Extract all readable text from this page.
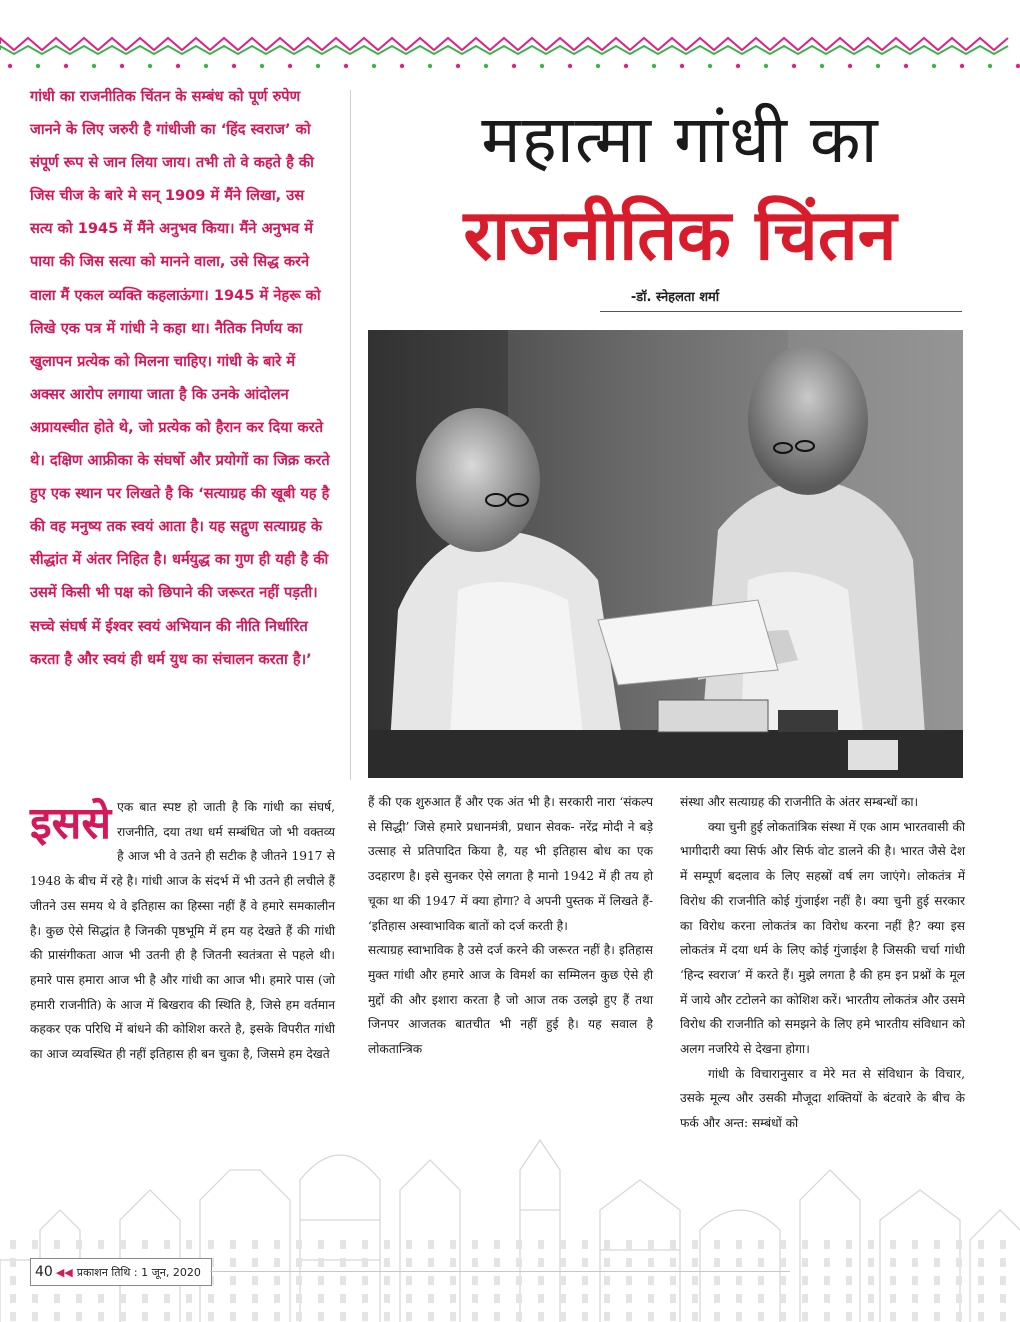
गांधी का राजनीतिक चिंतन के सम्बंध को पूर्ण रुपेण जानने के लिए जरुरी है गांधीजी का ‘हिंद स्वराज’ को संपूर्ण रूप से जान लिया जाय। तभी तो वे कहते है की जिस चीज के बारे मे सन् 1909 में मैंने लिखा, उस सत्य को 1945 में मैंने अनुभव किया। मैंने अनुभव में पाया की जिस सत्या को मानने वाला, उसे सिद्ध करने वाला मैं एकल व्यक्ति कहलाऊंगा। 1945 में नेहरू को लिखे एक पत्र में गांधी ने कहा था। नैतिक निर्णय का खुलापन प्रत्येक को मिलना चाहिए। गांधी के बारे में अक्सर आरोप लगाया जाता है कि उनके आंदोलन अप्रायस्चीत होते थे, जो प्रत्येक को हैरान कर दिया करते थे। दक्षिण आफ्रीका के संघर्षो और प्रयोगों का जिक्र करते हुए एक स्थान पर लिखते है कि ‘सत्याग्रह की खूबी यह है की वह मनुष्य तक स्वयं आता है। यह सद्गुण सत्याग्रह के सीद्धांत में अंतर निहित है। धर्मयुद्ध का गुण ही यही है की उसमें किसी भी पक्ष को छिपाने की जरूरत नहीं पड़ती। सच्चे संघर्ष में ईश्वर स्वयं अभियान की नीति निर्धारित करता है और स्वयं ही धर्म युध का संचालन करता है।’

महात्मा गांधी का
राजनीतिक चिंतन
-डॉ. स्नेहलता शर्मा
इससे एक बात स्पष्ट हो जाती है कि गांधी का संघर्ष, राजनीति, दया तथा धर्म सम्बंधित जो भी वक्तव्य है आज भी वे उतने ही सटीक है जीतने 1917 से 1948 के बीच में रहे है। गांधी आज के संदर्भ में भी उतने ही लचीले हैं जीतने उस समय थे वे इतिहास का हिस्सा नहीं हैं वे हमारे समकालीन है। कुछ ऐसे सिद्धांत है जिनकी पृष्ठभूमि में हम यह देखते हैं की गांधी की प्रासंगीकता आज भी उतनी ही है जितनी स्वतंत्रता से पहले थी। हमारे पास हमारा आज भी है और गांधी का आज भी। हमारे पास (जो हमारी राजनीति) के आज में बिखराव की स्थिति है, जिसे हम वर्तमान कहकर एक परिधि में बांधने की कोशिश करते है, इसके विपरीत गांधी का आज व्यवस्थित ही नहीं इतिहास ही बन चुका है, जिसमे हम देखते

हैं की एक शुरुआत हैं और एक अंत भी है। सरकारी नारा ‘संकल्प से सिद्धी’ जिसे हमारे प्रधानमंत्री, प्रधान सेवक- नरेंद्र मोदी ने बड़े उत्साह से प्रतिपादित किया है, यह भी इतिहास बोध का एक उदहारण है। इसे सुनकर ऐसे लगता है मानो 1942 में ही तय हो चूका था की 1947 में क्या होगा? वे अपनी पुस्तक में लिखते हैं- ‘इतिहास अस्वाभाविक बातों को दर्ज करती है।

सत्याग्रह स्वाभाविक है उसे दर्ज करने की जरूरत नहीं है। इतिहास मुक्त गांधी और हमारे आज के विमर्श का सम्मिलन कुछ ऐसे ही मुद्दों की और इशारा करता है जो आज तक उलझे हुए हैं तथा जिनपर आजतक बातचीत भी नहीं हुई है। यह सवाल है लोकतान्त्रिक

संस्था और सत्याग्रह की राजनीति के अंतर सम्बन्धों का।

क्या चुनी हुई लोकतांत्रिक संस्था में एक आम भारतवासी की भागीदारी क्या सिर्फ और सिर्फ वोट डालने की है। भारत जैसे देश में सम्पूर्ण बदलाव के लिए सहस्रों वर्ष लग जाएंगे। लोकतंत्र में विरोध की राजनीति कोई गुंजाईश नहीं है। क्या चुनी हुई सरकार का विरोध करना लोकतंत्र का विरोध करना नहीं है? क्या इस लोकतंत्र में दया धर्म के लिए कोई गुंजाईश है जिसकी चर्चा गांधी ‘हिन्द स्वराज’ में करते हैं। मुझे लगता है की हम इन प्रश्नों के मूल में जाये और टटोलने का कोशिश करें। भारतीय लोकतंत्र और उसमे विरोध की राजनीति को समझने के लिए हमे भारतीय संविधान को अलग नजरिये से देखना होगा।

गांधी के विचारानुसार व मेरे मत से संविधान के विचार, उसके मूल्य और उसकी मौजूदा शक्तियों के बंटवारे के बीच के फर्क और अन्त: सम्बंधों को

40 ◀◀ प्रकाशन तिथि : 1 जून, 2020
